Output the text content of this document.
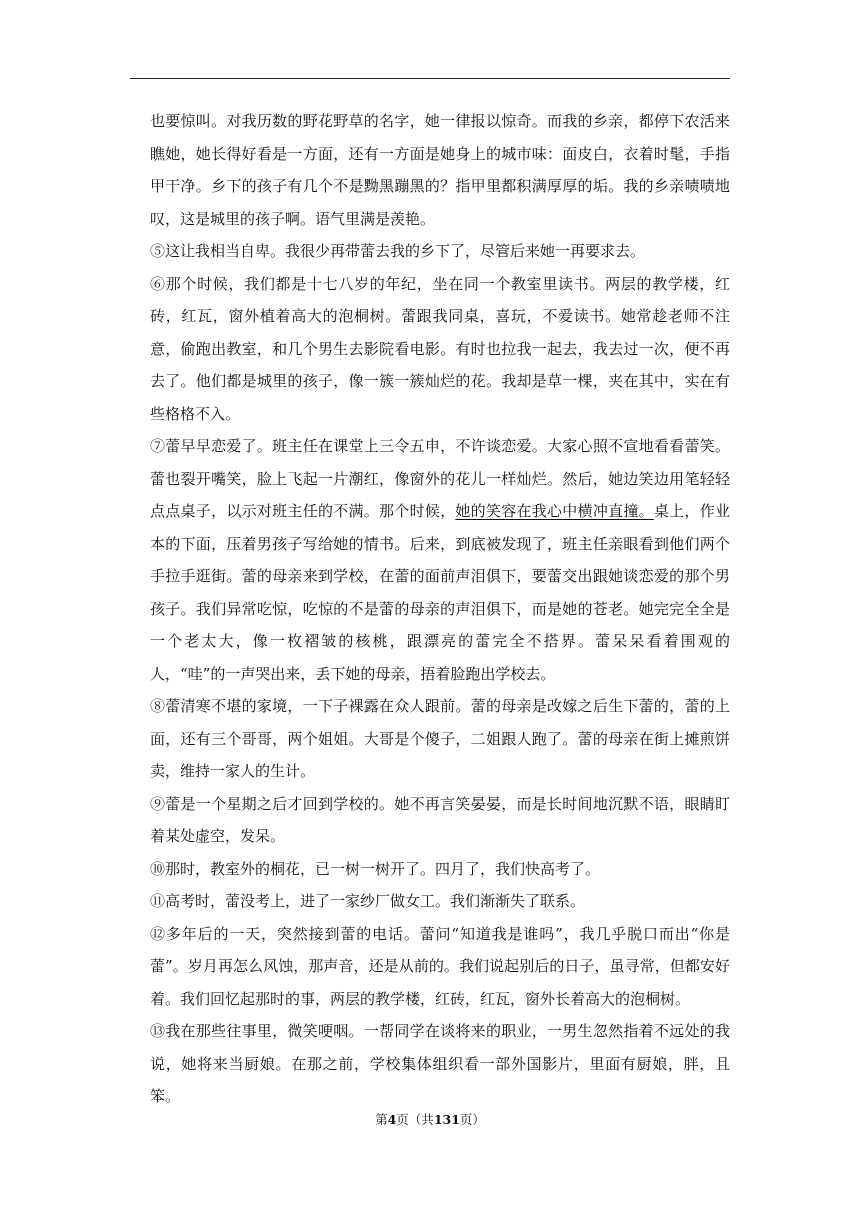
也要惊叫。对我历数的野花野草的名字，她一律报以惊奇。而我的乡亲，都停下农活来瞧她，她长得好看是一方面，还有一方面是她身上的城市味：面皮白，衣着时髦，手指甲干净。乡下的孩子有几个不是黝黑蹦黑的？指甲里都积满厚厚的垢。我的乡亲啧啧地叹，这是城里的孩子啊。语气里满是羡艳。

⑤这让我相当自卑。我很少再带蕾去我的乡下了，尽管后来她一再要求去。

⑥那个时候，我们都是十七八岁的年纪，坐在同一个教室里读书。两层的教学楼，红砖，红瓦，窗外植着高大的泡桐树。蕾跟我同桌，喜玩，不爱读书。她常趁老师不注意，偷跑出教室，和几个男生去影院看电影。有时也拉我一起去，我去过一次，便不再去了。他们都是城里的孩子，像一簇一簇灿烂的花。我却是草一棵，夹在其中，实在有些格格不入。

⑦蕾早早恋爱了。班主任在课堂上三令五申，不许谈恋爱。大家心照不宣地看看蕾笑。蕾也裂开嘴笑，脸上飞起一片潮红，像窗外的花儿一样灿烂。然后，她边笑边用笔轻轻点点桌子，以示对班主任的不满。那个时候，她的笑容在我心中横冲直撞。桌上，作业本的下面，压着男孩子写给她的情书。后来，到底被发现了，班主任亲眼看到他们两个手拉手逛街。蕾的母亲来到学校，在蕾的面前声泪俱下，要蕾交出跟她谈恋爱的那个男孩子。我们异常吃惊，吃惊的不是蕾的母亲的声泪俱下，而是她的苍老。她完完全全是一个老太大，像一枚褶皱的核桃，跟漂亮的蕾完全不搭界。蕾呆呆看着围观的人，“哇”的一声哭出来，丢下她的母亲，捂着脸跑出学校去。

⑧蕾清寒不堪的家境，一下子裸露在众人跟前。蕾的母亲是改嫁之后生下蕾的，蕾的上面，还有三个哥哥，两个姐姐。大哥是个傻子，二姐跟人跑了。蕾的母亲在街上摊煎饼卖，维持一家人的生计。

⑨蕾是一个星期之后才回到学校的。她不再言笑晏晏，而是长时间地沉默不语，眼睛盯着某处虚空，发呆。

⑩那时，教室外的桐花，已一树一树开了。四月了，我们快高考了。

⑪高考时，蕾没考上，进了一家纱厂做女工。我们渐渐失了联系。

⑫多年后的一天，突然接到蕾的电话。蕾问“知道我是谁吗”，我几乎脱口而出“你是蕾”。岁月再怎么风蚀，那声音，还是从前的。我们说起别后的日子，虽寻常，但都安好着。我们回忆起那时的事，两层的教学楼，红砖，红瓦，窗外长着高大的泡桐树。

⑬我在那些往事里，微笑哽咽。一帮同学在谈将来的职业，一男生忽然指着不远处的我说，她将来当厨娘。在那之前，学校集体组织看一部外国影片，里面有厨娘，胖，且笨。

第4页（共131页）
